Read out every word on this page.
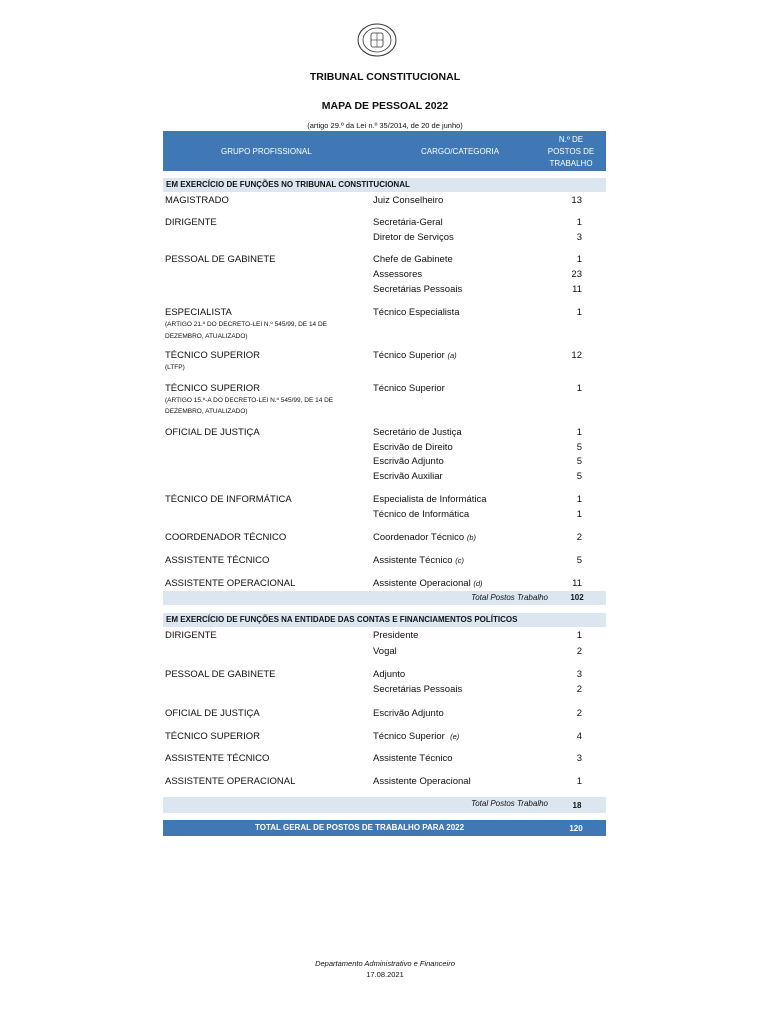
TRIBUNAL CONSTITUCIONAL
MAPA DE PESSOAL 2022
(artigo 29.º da Lei n.º 35/2014, de 20 de junho)
GRUPO PROFISSIONAL	CARGO/CATEGORIA
N.º DE
POSTOS DE
TRABALHO
EM EXERCÍCIO DE FUNÇÕES NO TRIBUNAL CONSTITUCIONAL
MAGISTRADO	Juiz Conselheiro	13
DIRIGENTE	Secretária-Geral	1
Diretor de Serviços	3
PESSOAL DE GABINETE	Chefe de Gabinete	1
Assessores	23
Secretárias Pessoais	11
ESPECIALISTA
(ARTIGO 21.º DO DECRETO-LEI N.º 545/99, DE 14 DE
DEZEMBRO, ATUALIZADO)
Técnico Especialista	1
TÉCNICO SUPERIOR
(LTFP)
Técnico Superior (a)	12
TÉCNICO SUPERIOR
(ARTIGO 15.º-A DO DECRETO-LEI N.º 545/99, DE 14 DE
DEZEMBRO, ATUALIZADO)
Técnico Superior	1
OFICIAL DE JUSTIÇA	Secretário de Justiça	1
Escrivão de Direito	5
Escrivão Adjunto	5
Escrivão Auxiliar	5
TÉCNICO DE INFORMÁTICA	Especialista de Informática	1
Técnico de Informática	1
COORDENADOR TÉCNICO	Coordenador Técnico (b)	2
ASSISTENTE TÉCNICO	Assistente Técnico (c)	5
ASSISTENTE OPERACIONAL	Assistente Operacional (d)	11
Total Postos Trabalho	102
EM EXERCÍCIO DE FUNÇÕES NA ENTIDADE DAS CONTAS E FINANCIAMENTOS POLÍTICOS
DIRIGENTE	Presidente	1
Vogal	2
PESSOAL DE GABINETE	Adjunto	3
Secretárias Pessoais	2
OFICIAL DE JUSTIÇA	Escrivão Adjunto	2
TÉCNICO SUPERIOR	Técnico Superior (e)	4
ASSISTENTE TÉCNICO	Assistente Técnico	3
ASSISTENTE OPERACIONAL	Assistente Operacional	1
Total Postos Trabalho	18
TOTAL GERAL DE POSTOS DE TRABALHO PARA 2022	120
Departamento Administrativo e Financeiro
17.08.2021
